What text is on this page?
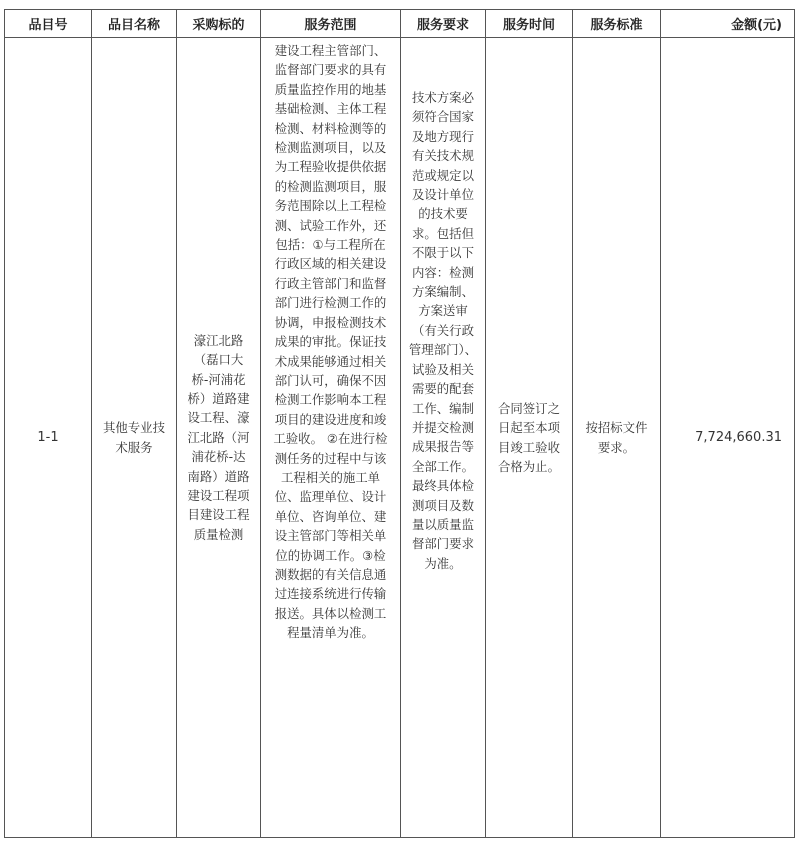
品目号	品目名称	采购标的	服务范围	服务要求	服务时间	服务标准	金额(元)
1-1	其他专业技术服务	濠江北路（磊口大桥-河浦花桥）道路建设工程、濠江北路（河浦花桥-达南路）道路建设工程项目建设工程质量检测	建设工程主管部门、监督部门要求的具有质量监控作用的地基基础检测、主体工程检测、材料检测等的检测监测项目，以及为工程验收提供依据的检测监测项目，服务范围除以上工程检测、试验工作外，还包括：①与工程所在行政区域的相关建设行政主管部门和监督部门进行检测工作的协调，申报检测技术成果的审批。保证技术成果能够通过相关部门认可，确保不因检测工作影响本工程项目的建设进度和竣工验收。 ②在进行检测任务的过程中与该工程相关的施工单位、监理单位、设计单位、咨询单位、建设主管部门等相关单位的协调工作。③检测数据的有关信息通过连接系统进行传输报送。具体以检测工程量清单为准。	技术方案必须符合国家及地方现行有关技术规范或规定以及设计单位的技术要求。包括但不限于以下内容：检测方案编制、方案送审（有关行政管理部门）、试验及相关需要的配套工作、编制并提交检测成果报告等全部工作。最终具体检测项目及数量以质量监督部门要求为准。	合同签订之日起至本项目竣工验收合格为止。	按招标文件要求。	7,724,660.31
